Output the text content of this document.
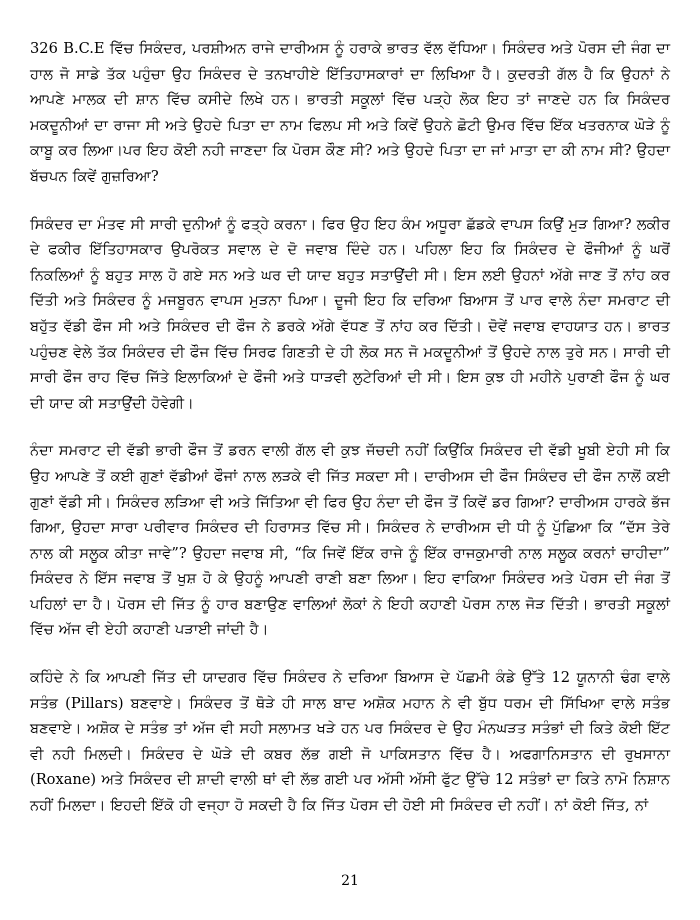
326 B.C.E ਵਿੱਚ ਸਿਕੰਦਰ, ਪਰਸ਼ੀਅਨ ਰਾਜੇ ਦਾਰੀਅਸ ਨੂੰ ਹਰਾਕੇ ਭਾਰਤ ਵੱਲ ਵੱਧਿਆ। ਸਿਕੰਦਰ ਅਤੇ ਪੋਰਸ ਦੀ ਜੰਗ ਦਾ ਹਾਲ ਜੋ ਸਾਡੇ ਤੱਕ ਪਹੁੰਚਾ ਉਹ ਸਿਕੰਦਰ ਦੇ ਤਨਖਾਹੀਏ ਇੱਤਿਹਾਸਕਾਰਾਂ ਦਾ ਲਿਖਿਆ ਹੈ। ਕੁਦਰਤੀ ਗੱਲ ਹੈ ਕਿ ਉਹਨਾਂ ਨੇ ਆਪਣੇ ਮਾਲਕ ਦੀ ਸ਼ਾਨ ਵਿੱਚ ਕਸੀਦੇ ਲਿਖੇ ਹਨ। ਭਾਰਤੀ ਸਕੂਲਾਂ ਵਿੱਚ ਪੜ੍ਹੇ ਲੋਕ ਇਹ ਤਾਂ ਜਾਣਦੇ ਹਨ ਕਿ ਸਿਕੰਦਰ ਮਕਦੂਨੀਆਂ ਦਾ ਰਾਜਾ ਸੀ ਅਤੇ ਉਹਦੇ ਪਿਤਾ ਦਾ ਨਾਮ ਫਿਲਪ ਸੀ ਅਤੇ ਕਿਵੇਂ ਉਹਨੇ ਛੋਟੀ ਉਮਰ ਵਿੱਚ ਇੱਕ ਖਤਰਨਾਕ ਘੋੜੇ ਨੂੰ ਕਾਬੂ ਕਰ ਲਿਆ।ਪਰ ਇਹ ਕੋਈ ਨਹੀ ਜਾਣਦਾ ਕਿ ਪੋਰਸ ਕੌਣ ਸੀ? ਅਤੇ ਉਹਦੇ ਪਿਤਾ ਦਾ ਜਾਂ ਮਾਤਾ ਦਾ ਕੀ ਨਾਮ ਸੀ? ਉਹਦਾ ਬੱਚਪਨ ਕਿਵੇਂ ਗੁਜ਼ਰਿਆ?

ਸਿਕੰਦਰ ਦਾ ਮੰਤਵ ਸੀ ਸਾਰੀ ਦੁਨੀਆਂ ਨੂੰ ਫਤ੍ਹੇ ਕਰਨਾ। ਫਿਰ ਉਹ ਇਹ ਕੰਮ ਅਧੂਰਾ ਛੱਡਕੇ ਵਾਪਸ ਕਿਉਂ ਮੁੜ ਗਿਆ? ਲਕੀਰ ਦੇ ਫਕੀਰ ਇੱਤਿਹਾਸਕਾਰ ਉਪਰੋਕਤ ਸਵਾਲ ਦੇ ਦੋ ਜਵਾਬ ਦਿੰਦੇ ਹਨ। ਪਹਿਲਾ ਇਹ ਕਿ ਸਿਕੰਦਰ ਦੇ ਫੌਜੀਆਂ ਨੂੰ ਘਰੋਂ ਨਿਕਲਿਆਂ ਨੂੰ ਬਹੁਤ ਸਾਲ ਹੋ ਗਏ ਸਨ ਅਤੇ ਘਰ ਦੀ ਯਾਦ ਬਹੁਤ ਸਤਾਉਂਦੀ ਸੀ। ਇਸ ਲਈ ਉਹਨਾਂ ਅੱਗੇ ਜਾਣ ਤੋਂ ਨਾਂਹ ਕਰ ਦਿੱਤੀ ਅਤੇ ਸਿਕੰਦਰ ਨੂੰ ਮਜਬੂਰਨ ਵਾਪਸ ਮੁੜਨਾ ਪਿਆ। ਦੂਜੀ ਇਹ ਕਿ ਦਰਿਆ ਬਿਆਸ ਤੋਂ ਪਾਰ ਵਾਲੇ ਨੰਦਾ ਸਮਰਾਟ ਦੀ ਬਹੁੱਤ ਵੱਡੀ ਫੌਜ ਸੀ ਅਤੇ ਸਿਕੰਦਰ ਦੀ ਫੌਜ ਨੇ ਡਰਕੇ ਅੱਗੇ ਵੱਧਣ ਤੋਂ ਨਾਂਹ ਕਰ ਦਿੱਤੀ। ਦੋਵੇਂ ਜਵਾਬ ਵਾਹਯਾਤ ਹਨ। ਭਾਰਤ ਪਹੁੰਚਣ ਵੇਲੇ ਤੱਕ ਸਿਕੰਦਰ ਦੀ ਫੌਜ ਵਿੱਚ ਸਿਰਫ ਗਿਣਤੀ ਦੇ ਹੀ ਲੋਕ ਸਨ ਜੋ ਮਕਦੂਨੀਆਂ ਤੋਂ ਉਹਦੇ ਨਾਲ ਤੁਰੇ ਸਨ। ਸਾਰੀ ਦੀ ਸਾਰੀ ਫੌਜ ਰਾਹ ਵਿੱਚ ਜਿੱਤੇ ਇਲਾਕਿਆਂ ਦੇ ਫੌਜੀ ਅਤੇ ਧਾੜਵੀ ਲੁਟੇਰਿਆਂ ਦੀ ਸੀ। ਇਸ ਕੁਝ ਹੀ ਮਹੀਨੇ ਪੁਰਾਣੀ ਫੌਜ ਨੂੰ ਘਰ ਦੀ ਯਾਦ ਕੀ ਸਤਾਉਂਦੀ ਹੋਵੇਗੀ।

ਨੰਦਾ ਸਮਰਾਟ ਦੀ ਵੱਡੀ ਭਾਰੀ ਫੌਜ ਤੋਂ ਡਰਨ ਵਾਲੀ ਗੱਲ ਵੀ ਕੁਝ ਜੱਚਦੀ ਨਹੀਂ ਕਿਉਂਕਿ ਸਿਕੰਦਰ ਦੀ ਵੱਡੀ ਖੂਬੀ ਏਹੀ ਸੀ ਕਿ ਉਹ ਆਪਣੇ ਤੋਂ ਕਈ ਗੁਣਾਂ ਵੱਡੀਆਂ ਫੌਜਾਂ ਨਾਲ ਲੜਕੇ ਵੀ ਜਿੱਤ ਸਕਦਾ ਸੀ। ਦਾਰੀਅਸ ਦੀ ਫੌਜ ਸਿਕੰਦਰ ਦੀ ਫੌਜ ਨਾਲੋਂ ਕਈ ਗੁਣਾਂ ਵੱਡੀ ਸੀ। ਸਿਕੰਦਰ ਲੜਿਆ ਵੀ ਅਤੇ ਜਿੱਤਿਆ ਵੀ ਫਿਰ ਉਹ ਨੰਦਾ ਦੀ ਫੌਜ ਤੋਂ ਕਿਵੇਂ ਡਰ ਗਿਆ? ਦਾਰੀਅਸ ਹਾਰਕੇ ਭੱਜ ਗਿਆ, ਉਹਦਾ ਸਾਰਾ ਪਰੀਵਾਰ ਸਿਕੰਦਰ ਦੀ ਹਿਰਾਸਤ ਵਿੱਚ ਸੀ। ਸਿਕੰਦਰ ਨੇ ਦਾਰੀਅਸ ਦੀ ਧੀ ਨੂੰ ਪੁੱਛਿਆ ਕਿ “ਦੱਸ ਤੇਰੇ ਨਾਲ ਕੀ ਸਲੂਕ ਕੀਤਾ ਜਾਵੇ”? ਉਹਦਾ ਜਵਾਬ ਸੀ, “ਕਿ ਜਿਵੇਂ ਇੱਕ ਰਾਜੇ ਨੂੰ ਇੱਕ ਰਾਜਕੁਮਾਰੀ ਨਾਲ ਸਲੂਕ ਕਰਨਾਂ ਚਾਹੀਦਾ” ਸਿਕੰਦਰ ਨੇ ਇੱਸ ਜਵਾਬ ਤੋਂ ਖੁਸ਼ ਹੋ ਕੇ ਉਹਨੂੰ ਆਪਣੀ ਰਾਣੀ ਬਣਾ ਲਿਆ। ਇਹ ਵਾਕਿਆ ਸਿਕੰਦਰ ਅਤੇ ਪੋਰਸ ਦੀ ਜੰਗ ਤੋਂ ਪਹਿਲਾਂ ਦਾ ਹੈ। ਪੋਰਸ ਦੀ ਜਿੱਤ ਨੂੰ ਹਾਰ ਬਣਾਉਣ ਵਾਲਿਆਂ ਲੋਕਾਂ ਨੇ ਇਹੀ ਕਹਾਣੀ ਪੋਰਸ ਨਾਲ ਜੋੜ ਦਿੱਤੀ। ਭਾਰਤੀ ਸਕੂਲਾਂ ਵਿੱਚ ਅੱਜ ਵੀ ਏਹੀ ਕਹਾਣੀ ਪੜਾਈ ਜਾਂਦੀ ਹੈ।

ਕਹਿੰਦੇ ਨੇ ਕਿ ਆਪਣੀ ਜਿੱਤ ਦੀ ਯਾਦਗਰ ਵਿੱਚ ਸਿਕੰਦਰ ਨੇ ਦਰਿਆ ਬਿਆਸ ਦੇ ਪੱਛਮੀ ਕੰਡੇ ਉੱਤੇ 12 ਯੂਨਾਨੀ ਢੰਗ ਵਾਲੇ ਸਤੰਭ (Pillars) ਬਣਵਾਏ। ਸਿਕੰਦਰ ਤੋਂ ਥੋੜੇ ਹੀ ਸਾਲ ਬਾਦ ਅਸ਼ੋਕ ਮਹਾਨ ਨੇ ਵੀ ਬੁੱਧ ਧਰਮ ਦੀ ਸਿੱਖਿਆ ਵਾਲੇ ਸਤੰਭ ਬਣਵਾਏ। ਅਸ਼ੋਕ ਦੇ ਸਤੰਭ ਤਾਂ ਅੱਜ ਵੀ ਸਹੀ ਸਲਾਮਤ ਖੜੇ ਹਨ ਪਰ ਸਿਕੰਦਰ ਦੇ ਉਹ ਮੰਨਘੜਤ ਸਤੰਭਾਂ ਦੀ ਕਿਤੇ ਕੋਈ ਇੱਟ ਵੀ ਨਹੀ ਮਿਲਦੀ। ਸਿਕੰਦਰ ਦੇ ਘੋੜੇ ਦੀ ਕਬਰ ਲੱਭ ਗਈ ਜੋ ਪਾਕਿਸਤਾਨ ਵਿੱਚ ਹੈ। ਅਫਗਾਨਿਸਤਾਨ ਦੀ ਰੁਖਸਾਨਾ (Roxane) ਅਤੇ ਸਿਕੰਦਰ ਦੀ ਸ਼ਾਦੀ ਵਾਲੀ ਥਾਂ ਵੀ ਲੱਭ ਗਈ ਪਰ ਅੱਸੀ ਅੱਸੀ ਫੁੱਟ ਉੱਚੇ 12 ਸਤੰਭਾਂ ਦਾ ਕਿਤੇ ਨਾਮੋ ਨਿਸ਼ਾਨ ਨਹੀਂ ਮਿਲਦਾ। ਇਹਦੀ ਇੱਕੋ ਹੀ ਵਜ੍ਹਾ ਹੋ ਸਕਦੀ ਹੈ ਕਿ ਜਿੱਤ ਪੋਰਸ ਦੀ ਹੋਈ ਸੀ ਸਿਕੰਦਰ ਦੀ ਨਹੀਂ। ਨਾਂ ਕੋਈ ਜਿੱਤ, ਨਾਂ

21
